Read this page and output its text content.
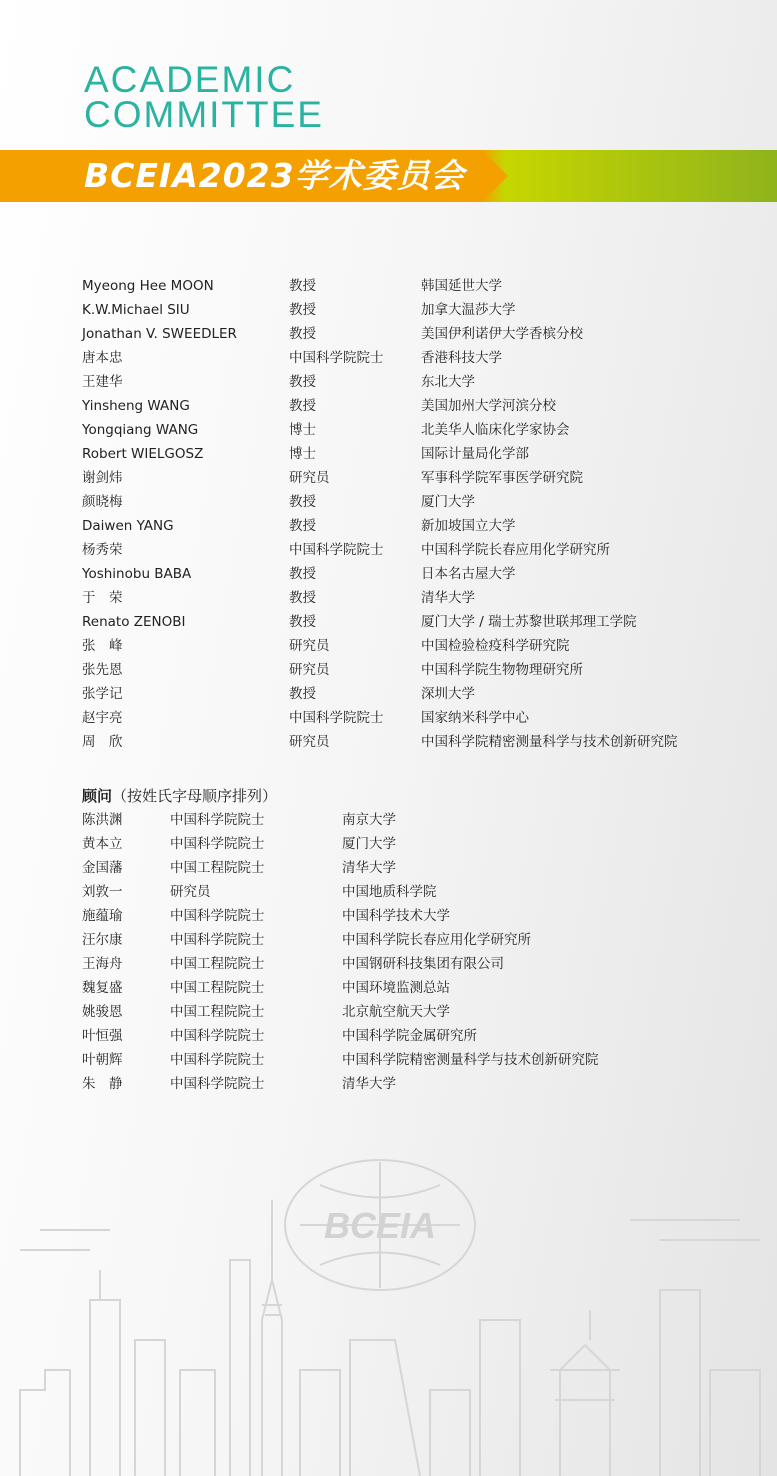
ACADEMIC
COMMITTEE
BCEIA2023学术委员会
Myeong Hee MOON	教授	韩国延世大学
K.W.Michael SIU	教授	加拿大温莎大学
Jonathan V. SWEEDLER	教授	美国伊利诺伊大学香槟分校
唐本忠	中国科学院院士	香港科技大学
王建华	教授	东北大学
Yinsheng WANG	教授	美国加州大学河滨分校
Yongqiang WANG	博士	北美华人临床化学家协会
Robert WIELGOSZ	博士	国际计量局化学部
谢剑炜	研究员	军事科学院军事医学研究院
颜晓梅	教授	厦门大学
Daiwen YANG	教授	新加坡国立大学
杨秀荣	中国科学院院士	中国科学院长春应用化学研究所
Yoshinobu BABA	教授	日本名古屋大学
于　荣	教授	清华大学
Renato ZENOBI	教授	厦门大学 / 瑞士苏黎世联邦理工学院
张　峰	研究员	中国检验检疫科学研究院
张先恩	研究员	中国科学院生物物理研究所
张学记	教授	深圳大学
赵宇亮	中国科学院院士	国家纳米科学中心
周　欣	研究员	中国科学院精密测量科学与技术创新研究院
顾问（按姓氏字母顺序排列）
陈洪渊	中国科学院院士	南京大学
黄本立	中国科学院院士	厦门大学
金国藩	中国工程院院士	清华大学
刘敦一	研究员	中国地质科学院
施蕴瑜	中国科学院院士	中国科学技术大学
汪尔康	中国科学院院士	中国科学院长春应用化学研究所
王海舟	中国工程院院士	中国钢研科技集团有限公司
魏复盛	中国工程院院士	中国环境监测总站
姚骏恩	中国工程院院士	北京航空航天大学
叶恒强	中国科学院院士	中国科学院金属研究所
叶朝辉	中国科学院院士	中国科学院精密测量科学与技术创新研究院
朱　静	中国科学院院士	清华大学
BCEIA
